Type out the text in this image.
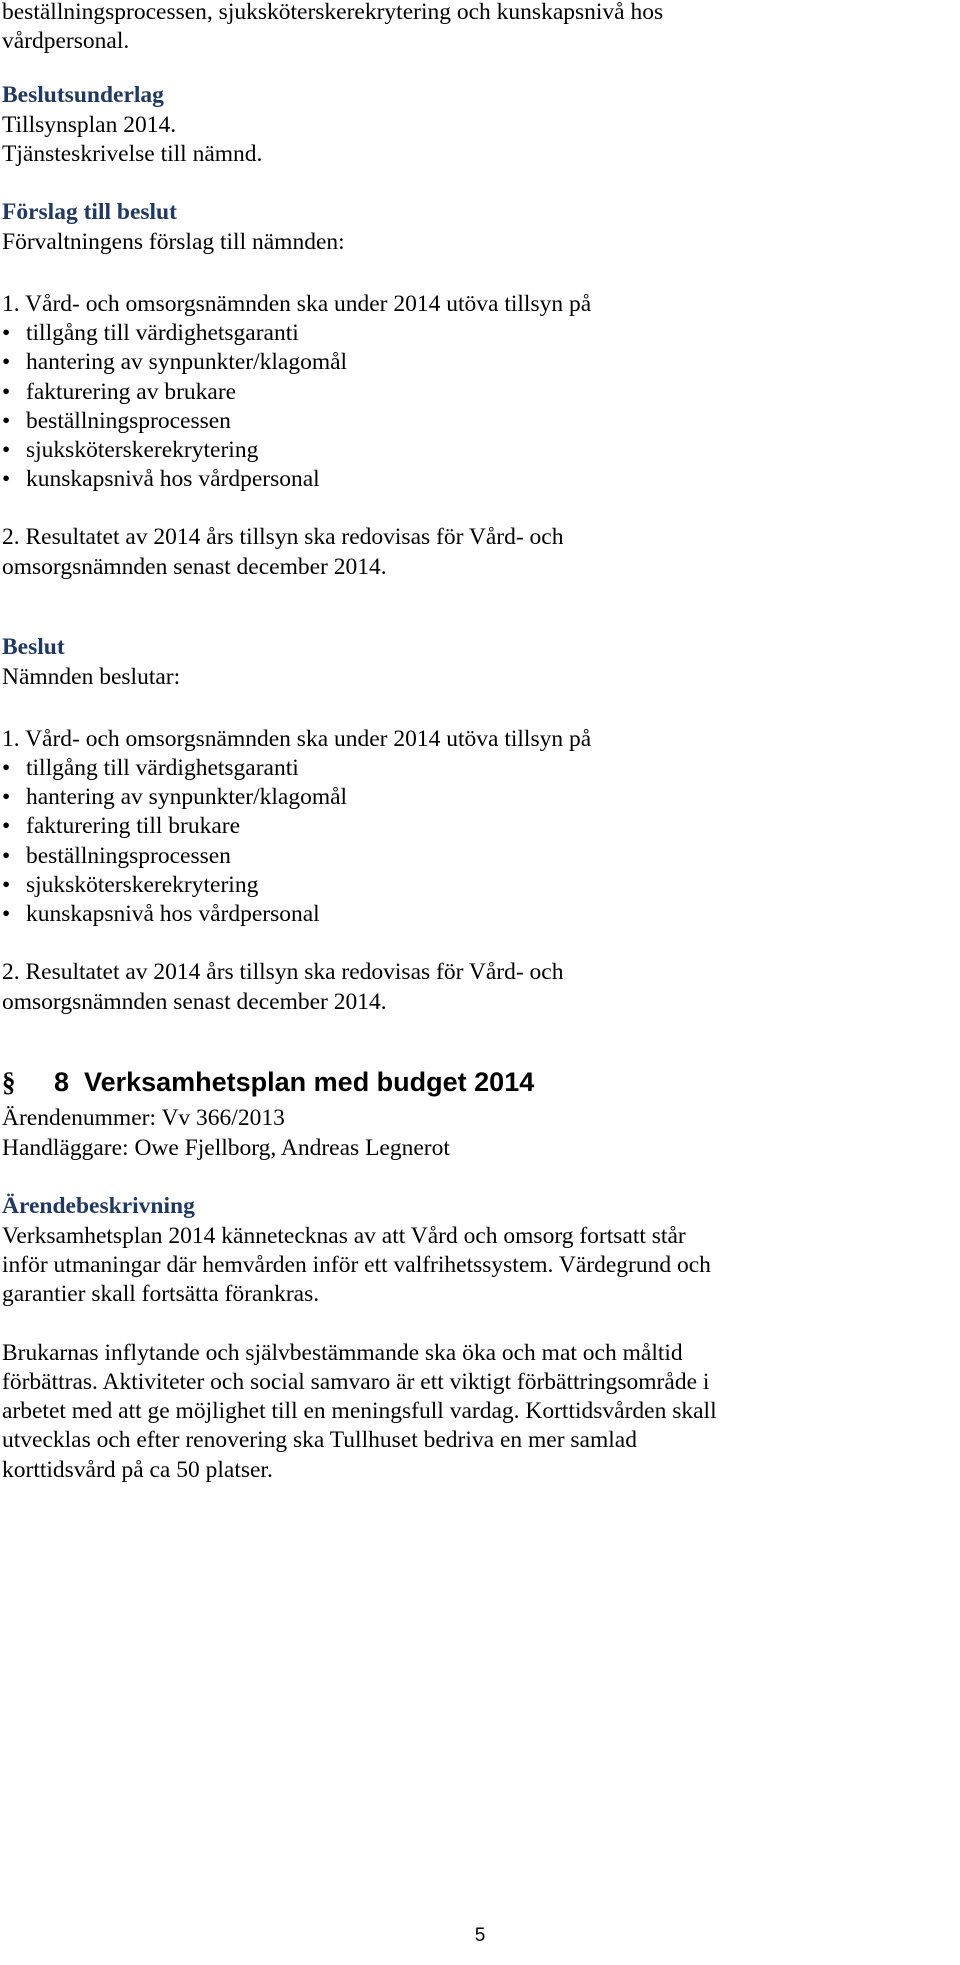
beställningsprocessen, sjuksköterskerekrytering och kunskapsnivå hos
vårdpersonal.
Beslutsunderlag
Tillsynsplan 2014.
Tjänsteskrivelse till nämnd.
Förslag till beslut
Förvaltningens förslag till nämnden:
1. Vård- och omsorgsnämnden ska under 2014 utöva tillsyn på
• tillgång till värdighetsgaranti
• hantering av synpunkter/klagomål
• fakturering av brukare
• beställningsprocessen
• sjuksköterskerekrytering
• kunskapsnivå hos vårdpersonal
2. Resultatet av 2014 års tillsyn ska redovisas för Vård- och
omsorgsnämnden senast december 2014.
Beslut
Nämnden beslutar:
1. Vård- och omsorgsnämnden ska under 2014 utöva tillsyn på
• tillgång till värdighetsgaranti
• hantering av synpunkter/klagomål
• fakturering till brukare
• beställningsprocessen
• sjuksköterskerekrytering
• kunskapsnivå hos vårdpersonal
2. Resultatet av 2014 års tillsyn ska redovisas för Vård- och
omsorgsnämnden senast december 2014.
§ 8 Verksamhetsplan med budget 2014
Ärendenummer: Vv 366/2013
Handläggare: Owe Fjellborg, Andreas Legnerot
Ärendebeskrivning
Verksamhetsplan 2014 kännetecknas av att Vård och omsorg fortsatt står
inför utmaningar där hemvården inför ett valfrihetssystem. Värdegrund och
garantier skall fortsätta förankras.
Brukarnas inflytande och självbestämmande ska öka och mat och måltid
förbättras. Aktiviteter och social samvaro är ett viktigt förbättringsområde i
arbetet med att ge möjlighet till en meningsfull vardag. Korttidsvården skall
utvecklas och efter renovering ska Tullhuset bedriva en mer samlad
korttidsvård på ca 50 platser.
5
